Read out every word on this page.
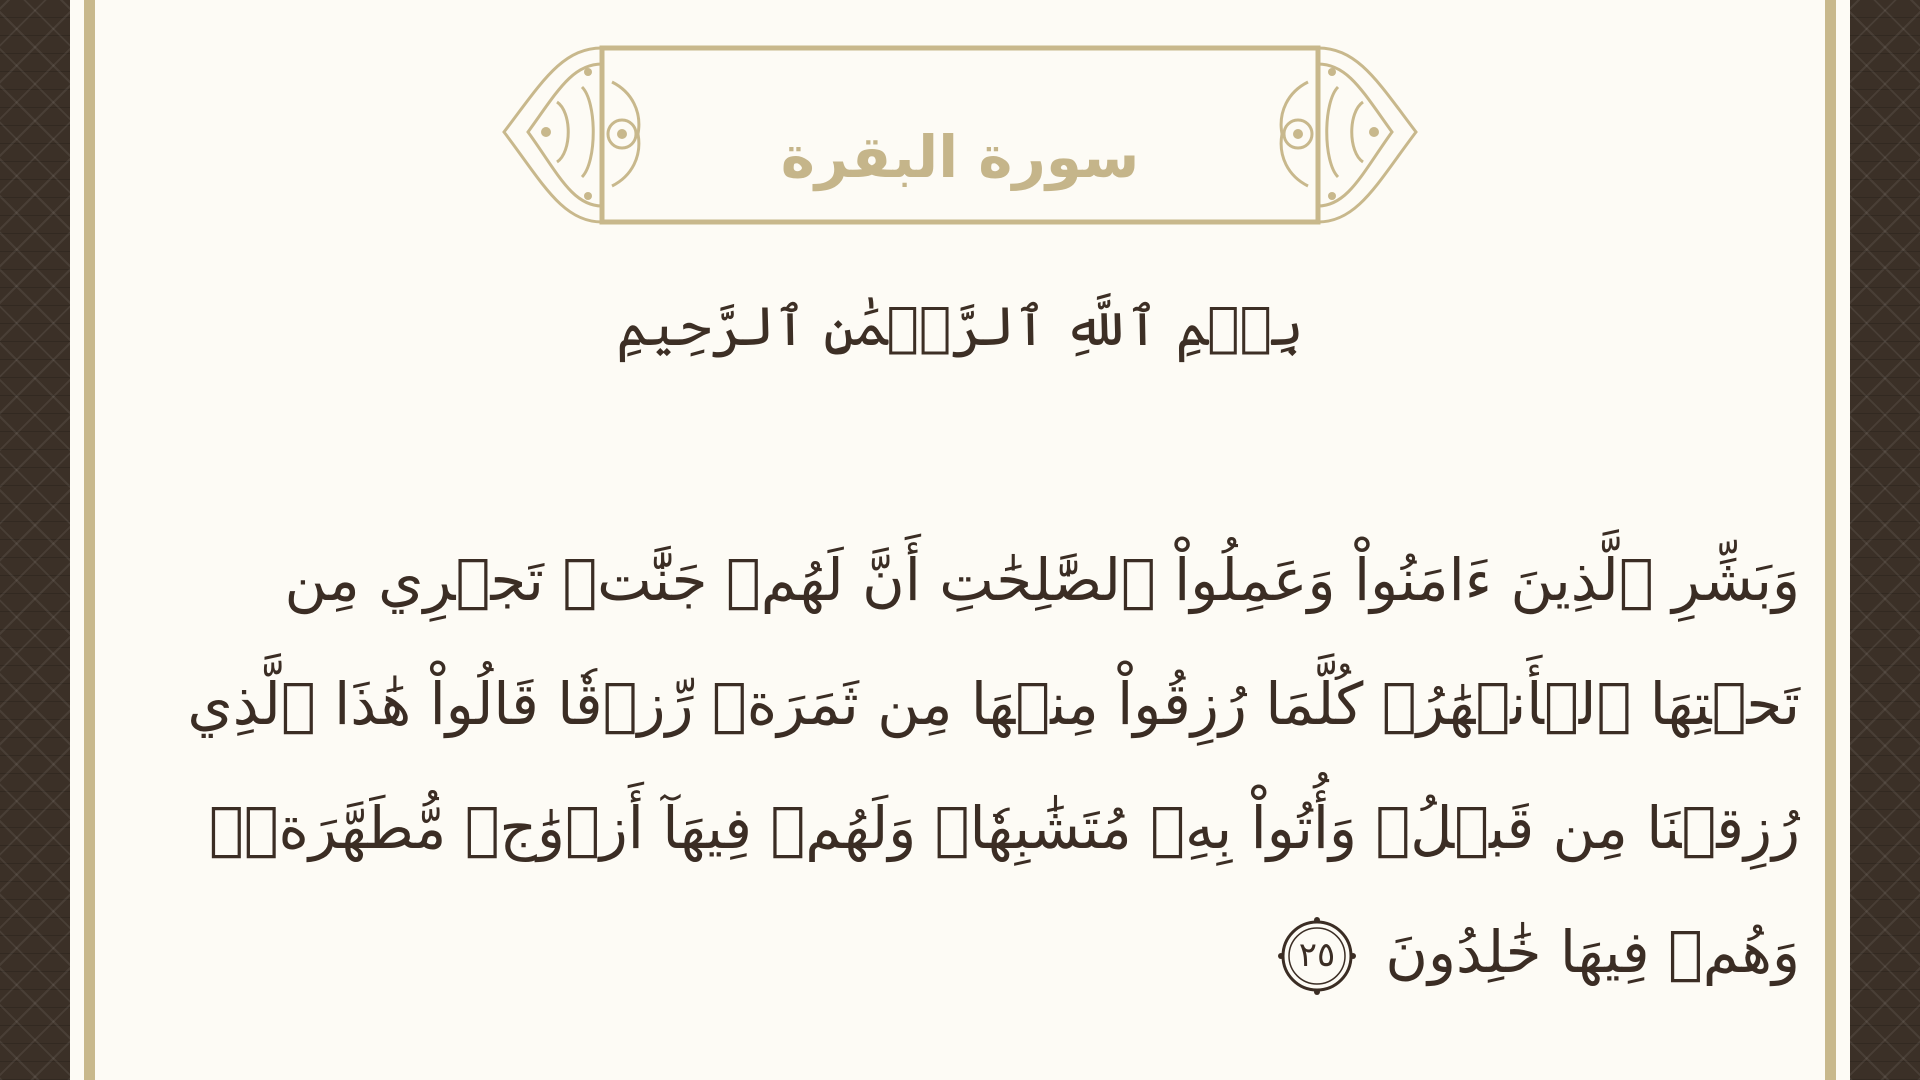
سورة البقرة
بِسۡمِ ٱللَّهِ ٱلرَّحۡمَٰنِ ٱلرَّحِيمِ

وَبَشِّرِ ٱلَّذِينَ ءَامَنُواْ وَعَمِلُواْ ٱلصَّٰلِحَٰتِ أَنَّ لَهُمۡ جَنَّٰتٖ تَجۡرِي مِن تَحۡتِهَا ٱلۡأَنۡهَٰرُۖ كُلَّمَا رُزِقُواْ مِنۡهَا مِن ثَمَرَةٖ رِّزۡقٗا قَالُواْ هَٰذَا ٱلَّذِي رُزِقۡنَا مِن قَبۡلُۖ وَأُتُواْ بِهِۦ مُتَشَٰبِهٗاۖ وَلَهُمۡ فِيهَآ أَزۡوَٰجٞ مُّطَهَّرَةٞۖ وَهُمۡ فِيهَا خَٰلِدُونَ
٢٥
